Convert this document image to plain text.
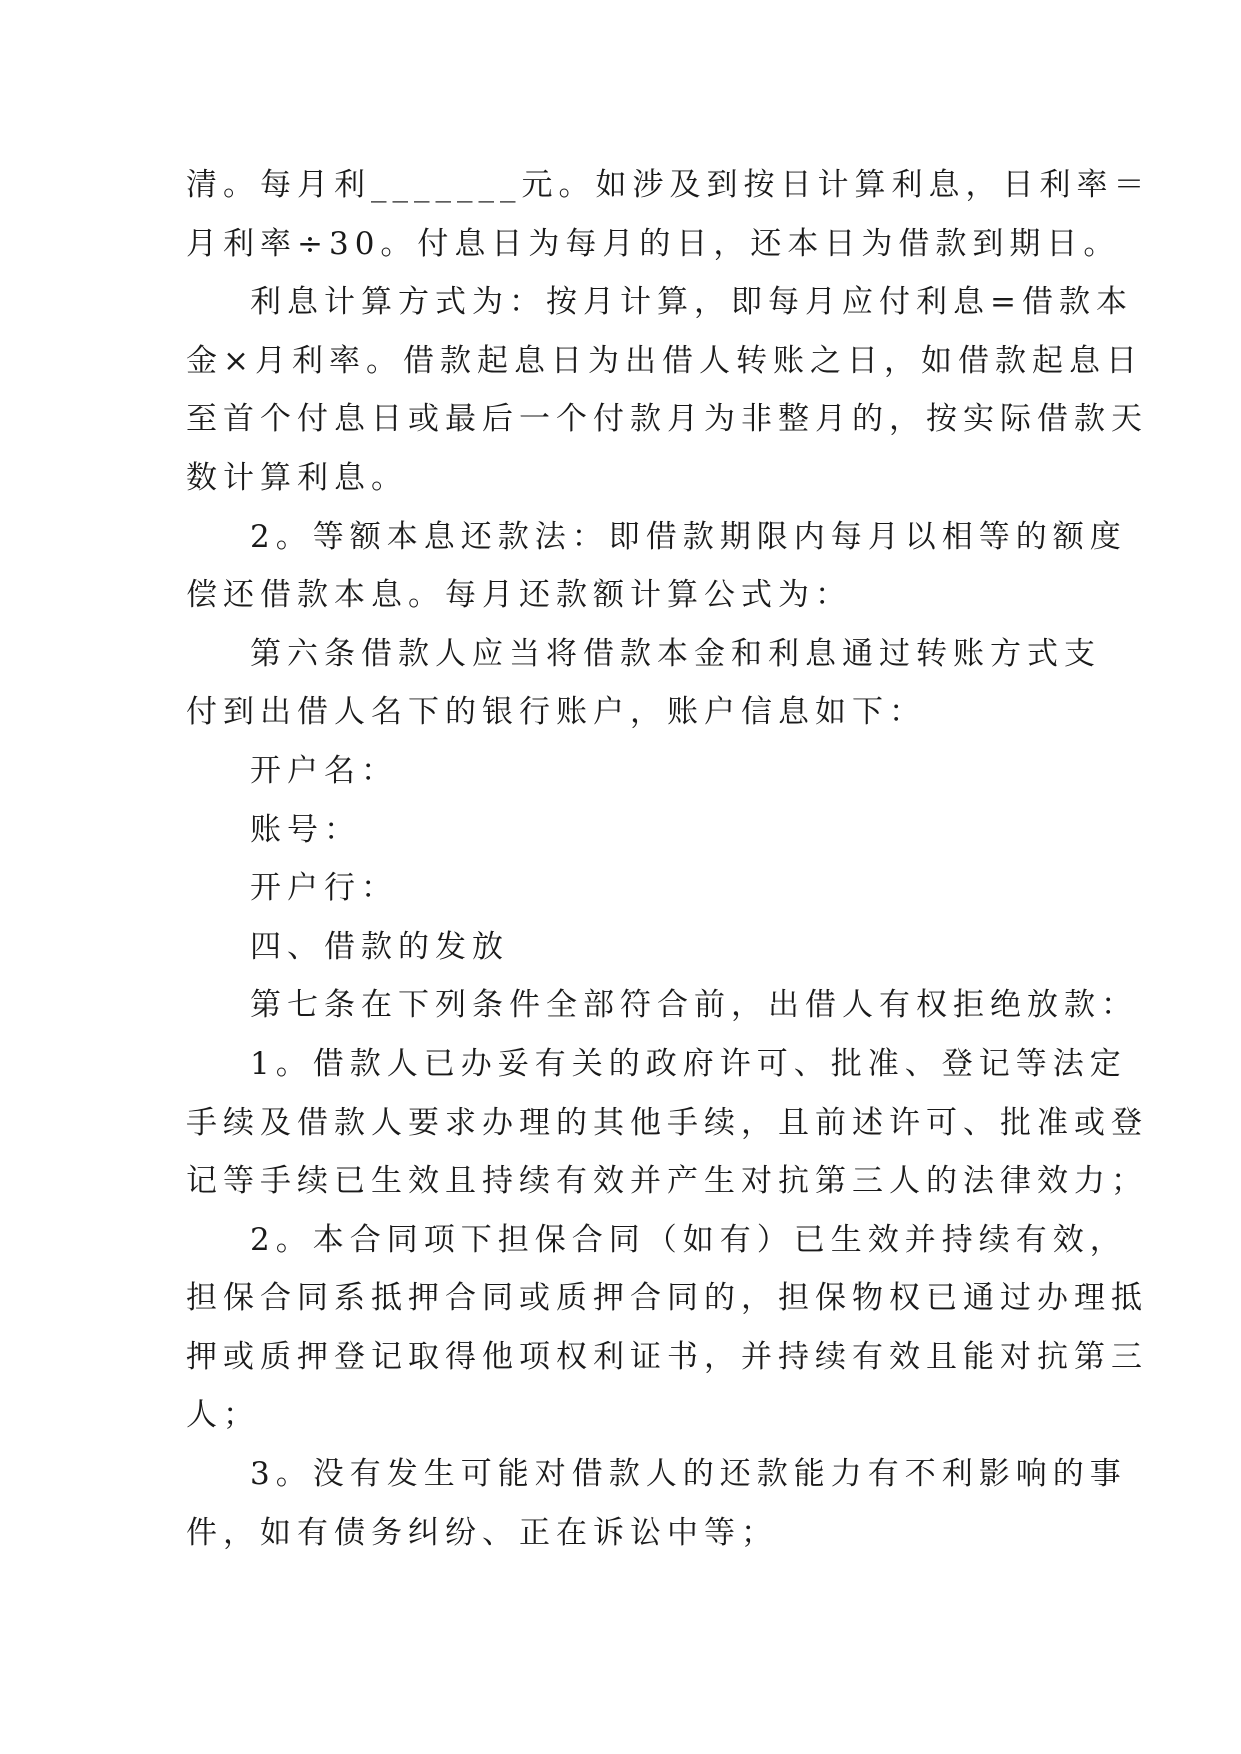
清。每月利_______元。如涉及到按日计算利息，日利率＝
月利率÷30。付息日为每月的日，还本日为借款到期日。
利息计算方式为：按月计算，即每月应付利息=借款本
金×月利率。借款起息日为出借人转账之日，如借款起息日
至首个付息日或最后一个付款月为非整月的，按实际借款天
数计算利息。
2。等额本息还款法：即借款期限内每月以相等的额度
偿还借款本息。每月还款额计算公式为：
第六条借款人应当将借款本金和利息通过转账方式支
付到出借人名下的银行账户，账户信息如下：
开户名：
账号：
开户行：
四、借款的发放
第七条在下列条件全部符合前，出借人有权拒绝放款：
1。借款人已办妥有关的政府许可、批准、登记等法定
手续及借款人要求办理的其他手续，且前述许可、批准或登
记等手续已生效且持续有效并产生对抗第三人的法律效力；
2。本合同项下担保合同（如有）已生效并持续有效，
担保合同系抵押合同或质押合同的，担保物权已通过办理抵
押或质押登记取得他项权利证书，并持续有效且能对抗第三
人；
3。没有发生可能对借款人的还款能力有不利影响的事
件，如有债务纠纷、正在诉讼中等；
